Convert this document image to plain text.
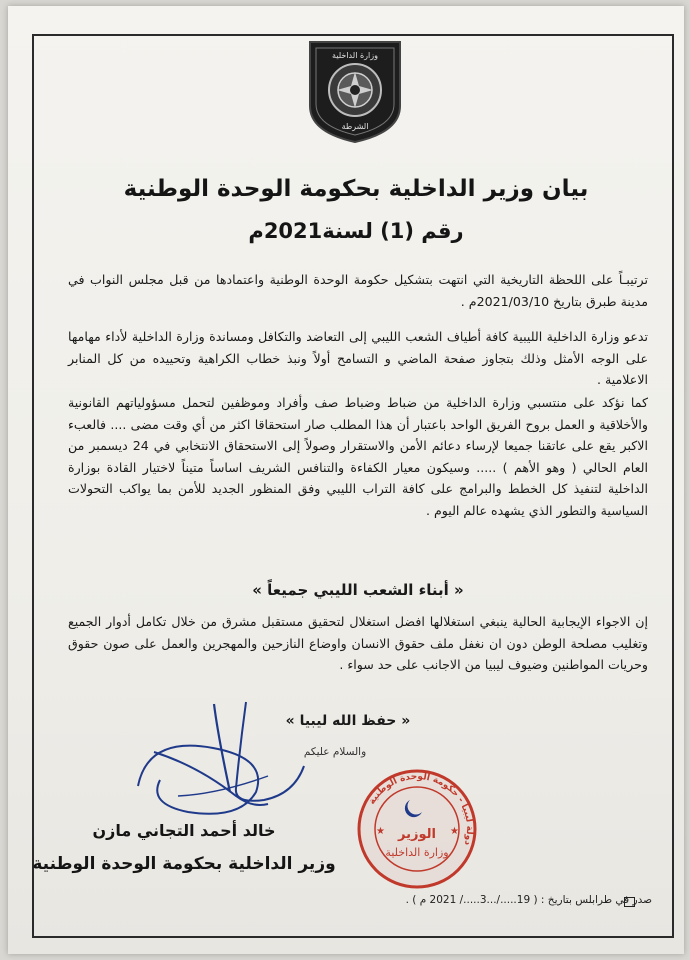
وزارة الداخلية
الشرطة
بيان وزير الداخلية بحكومة الوحدة الوطنية
رقم (1) لسنة2021م
ترتيبـاً على اللحظة التاريخية التي انتهت بتشكيل حكومة الوحدة الوطنية واعتمادها من قبل مجلس النواب في مدينة طبرق بتاريخ 2021/03/10م .
تدعو وزارة الداخلية الليبية كافة أطياف الشعب الليبي إلى التعاضد والتكافل ومساندة وزارة الداخلية لأداء مهامها على الوجه الأمثل وذلك بتجاوز صفحة الماضي و التسامح أولاً ونبذ خطاب الكراهية وتحييده من كل المنابر الاعلامية .
كما نؤكد على منتسبي وزارة الداخلية من ضباط وضباط صف وأفراد وموظفين لتحمل مسؤولياتهم القانونية والأخلاقية و العمل بروح الفريق الواحد باعتبار أن هذا المطلب صار استحقاقا اكثر من أي وقت مضى .... فالعبء الاكبر يقع على عاتقنا جميعا لإرساء دعائم الأمن والاستقرار وصولاً إلى الاستحقاق الانتخابي في 24 ديسمبر من العام الحالي ( وهو الأهم ) ..... وسيكون معيار الكفاءة والتنافس الشريف اساساً متيناً لاختيار القادة بوزارة الداخلية لتنفيذ كل الخطط والبرامج على كافة التراب الليبي وفق المنظور الجديد للأمن بما يواكب التحولات السياسية والتطور الذي يشهده عالم اليوم .
« أبناء الشعب الليبي جميعاً »
إن الاجواء الإيجابية الحالية ينبغي استغلالها افضل استغلال لتحقيق مستقبل مشرق من خلال تكامل أدوار الجميع وتغليب مصلحة الوطن دون ان نغفل ملف حقوق الانسان واوضاع النازحين والمهجرين والعمل على صون حقوق وحريات المواطنين وضيوف ليبيا من الاجانب على حد سواء .
« حفظ الله ليبيا »
والسلام عليكم
خالد أحمد التجاني مازن
وزير الداخلية بحكومة الوحدة الوطنية
دولة ليبيا - حكومة الوحدة الوطنية
الوزير
وزارة الداخلية
★	★
صدر في طرابلس بتاريخ : ( 19...../...3...../ 2021 م ) .
